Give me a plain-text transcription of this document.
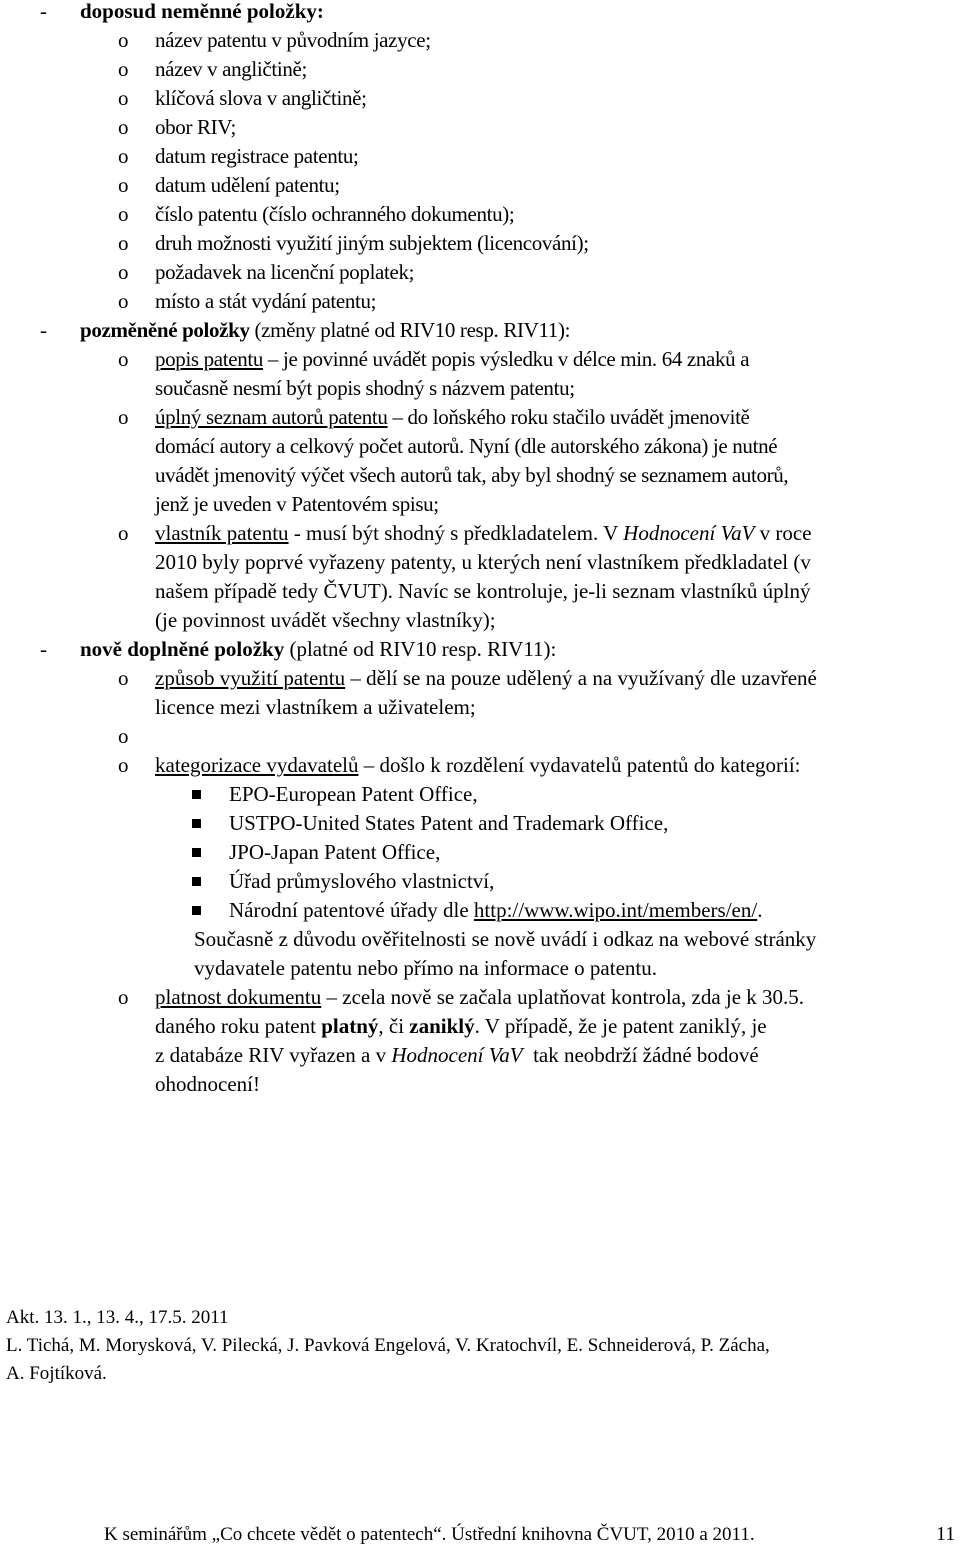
- doposud neměnné položky:
o název patentu v původním jazyce;
o název v angličtině;
o klíčová slova v angličtině;
o obor RIV;
o datum registrace patentu;
o datum udělení patentu;
o číslo patentu (číslo ochranného dokumentu);
o druh možnosti využití jiným subjektem (licencování);
o požadavek na licenční poplatek;
o místo a stát vydání patentu;
- pozměněné položky (změny platné od RIV10 resp. RIV11):
o popis patentu – je povinné uvádět popis výsledku v délce min. 64 znaků a
současně nesmí být popis shodný s názvem patentu;
o úplný seznam autorů patentu – do loňského roku stačilo uvádět jmenovitě
domácí autory a celkový počet autorů. Nyní (dle autorského zákona) je nutné
uvádět jmenovitý výčet všech autorů tak, aby byl shodný se seznamem autorů,
jenž je uveden v Patentovém spisu;
o vlastník patentu - musí být shodný s předkladatelem. V Hodnocení VaV v roce
2010 byly poprvé vyřazeny patenty, u kterých není vlastníkem předkladatel (v
našem případě tedy ČVUT). Navíc se kontroluje, je-li seznam vlastníků úplný
(je povinnost uvádět všechny vlastníky);
- nově doplněné položky (platné od RIV10 resp. RIV11):
o způsob využití patentu – dělí se na pouze udělený a na využívaný dle uzavřené
licence mezi vlastníkem a uživatelem;
o
o kategorizace vydavatelů – došlo k rozdělení vydavatelů patentů do kategorií:
EPO-European Patent Office,
USTPO-United States Patent and Trademark Office,
JPO-Japan Patent Office,
Úřad průmyslového vlastnictví,
Národní patentové úřady dle http://www.wipo.int/members/en/.
Současně z důvodu ověřitelnosti se nově uvádí i odkaz na webové stránky
vydavatele patentu nebo přímo na informace o patentu.
o platnost dokumentu – zcela nově se začala uplatňovat kontrola, zda je k 30.5.
daného roku patent platný, či zaniklý. V případě, že je patent zaniklý, je
z databáze RIV vyřazen a v Hodnocení VaV  tak neobdrží žádné bodové
ohodnocení!
Akt. 13. 1., 13. 4., 17.5. 2011
L. Tichá, M. Morysková, V. Pilecká, J. Pavková Engelová, V. Kratochvíl, E. Schneiderová, P. Zácha,
A. Fojtíková.
K seminářům „Co chcete vědět o patentech“. Ústřední knihovna ČVUT, 2010 a 2011.	11
